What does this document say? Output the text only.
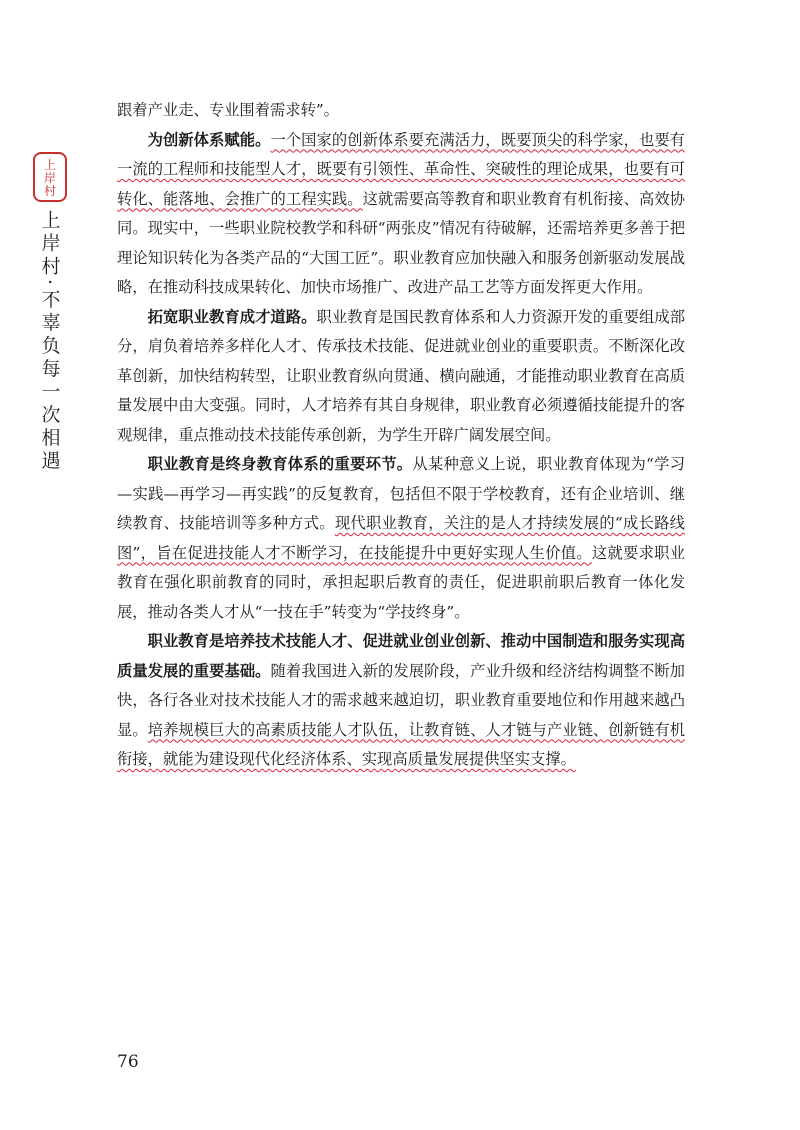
上
岸
村
上岸村·不辜负每一次相遇

跟着产业走、专业围着需求转”。

为创新体系赋能。一个国家的创新体系要充满活力，既要顶尖的科学家，也要有一流的工程师和技能型人才，既要有引领性、革命性、突破性的理论成果，也要有可转化、能落地、会推广的工程实践。这就需要高等教育和职业教育有机衔接、高效协同。现实中，一些职业院校教学和科研“两张皮”情况有待破解，还需培养更多善于把理论知识转化为各类产品的“大国工匠”。职业教育应加快融入和服务创新驱动发展战略，在推动科技成果转化、加快市场推广、改进产品工艺等方面发挥更大作用。

拓宽职业教育成才道路。职业教育是国民教育体系和人力资源开发的重要组成部分，肩负着培养多样化人才、传承技术技能、促进就业创业的重要职责。不断深化改革创新，加快结构转型，让职业教育纵向贯通、横向融通，才能推动职业教育在高质量发展中由大变强。同时，人才培养有其自身规律，职业教育必须遵循技能提升的客观规律，重点推动技术技能传承创新，为学生开辟广阔发展空间。

职业教育是终身教育体系的重要环节。从某种意义上说，职业教育体现为“学习—实践—再学习—再实践”的反复教育，包括但不限于学校教育，还有企业培训、继续教育、技能培训等多种方式。现代职业教育，关注的是人才持续发展的“成长路线图”，旨在促进技能人才不断学习，在技能提升中更好实现人生价值。这就要求职业教育在强化职前教育的同时，承担起职后教育的责任，促进职前职后教育一体化发展，推动各类人才从“一技在手”转变为“学技终身”。

职业教育是培养技术技能人才、促进就业创业创新、推动中国制造和服务实现高质量发展的重要基础。随着我国进入新的发展阶段，产业升级和经济结构调整不断加快，各行各业对技术技能人才的需求越来越迫切，职业教育重要地位和作用越来越凸显。培养规模巨大的高素质技能人才队伍，让教育链、人才链与产业链、创新链有机衔接，就能为建设现代化经济体系、实现高质量发展提供坚实支撑。

76
